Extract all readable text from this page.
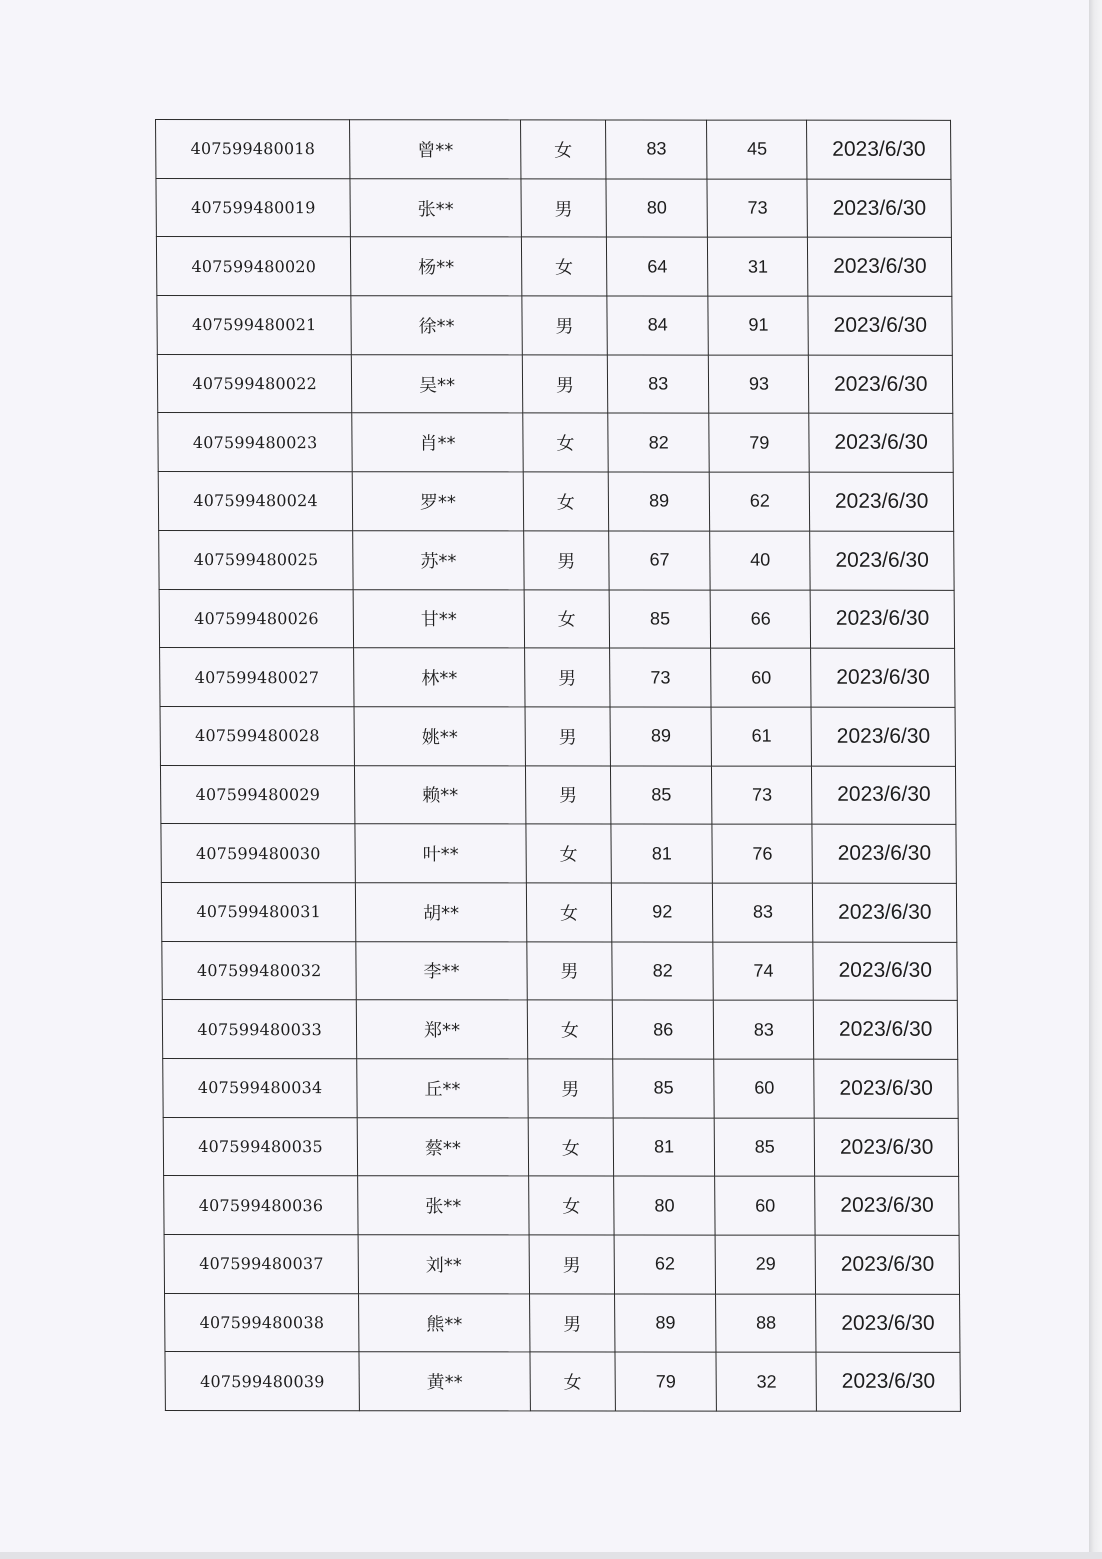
407599480018	曾**	女	83	45	2023/6/30
407599480019	张**	男	80	73	2023/6/30
407599480020	杨**	女	64	31	2023/6/30
407599480021	徐**	男	84	91	2023/6/30
407599480022	吴**	男	83	93	2023/6/30
407599480023	肖**	女	82	79	2023/6/30
407599480024	罗**	女	89	62	2023/6/30
407599480025	苏**	男	67	40	2023/6/30
407599480026	甘**	女	85	66	2023/6/30
407599480027	林**	男	73	60	2023/6/30
407599480028	姚**	男	89	61	2023/6/30
407599480029	赖**	男	85	73	2023/6/30
407599480030	叶**	女	81	76	2023/6/30
407599480031	胡**	女	92	83	2023/6/30
407599480032	李**	男	82	74	2023/6/30
407599480033	郑**	女	86	83	2023/6/30
407599480034	丘**	男	85	60	2023/6/30
407599480035	蔡**	女	81	85	2023/6/30
407599480036	张**	女	80	60	2023/6/30
407599480037	刘**	男	62	29	2023/6/30
407599480038	熊**	男	89	88	2023/6/30
407599480039	黄**	女	79	32	2023/6/30
